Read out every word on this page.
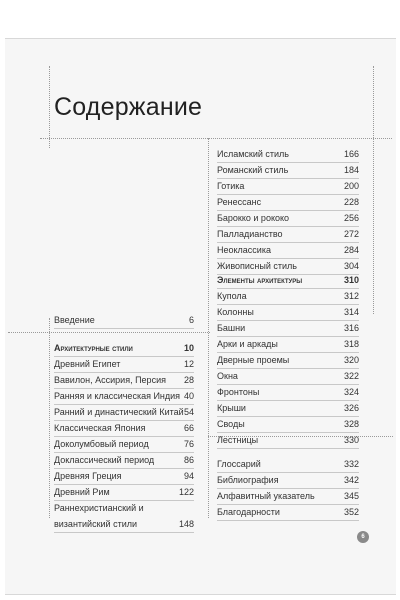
Содержание
Введение	6
Архитектурные стили	10
Древний Египет	12
Вавилон, Ассирия, Персия 28
Ранняя и классическая Индия 40
Ранний и династический Китай 54
Классическая Япония	66
Доколумбовый период	76
Доклассический период	86
Древняя Греция	94
Древний Рим	122
Раннехристианский и византийский стили	148
Исламский стиль	166
Романский стиль	184
Готика	200
Ренессанс	228
Барокко и рококо	256
Палладианство	272
Неоклассика	284
Живописный стиль	304
Элементы архитектуры	310
Купола	312
Колонны	314
Башни	316
Арки и аркады	318
Дверные проемы	320
Окна	322
Фронтоны	324
Крыши	326
Своды	328
Лестницы	330
Глоссарий	332
Библиография	342
Алфавитный указатель	345
Благодарности	352
6
